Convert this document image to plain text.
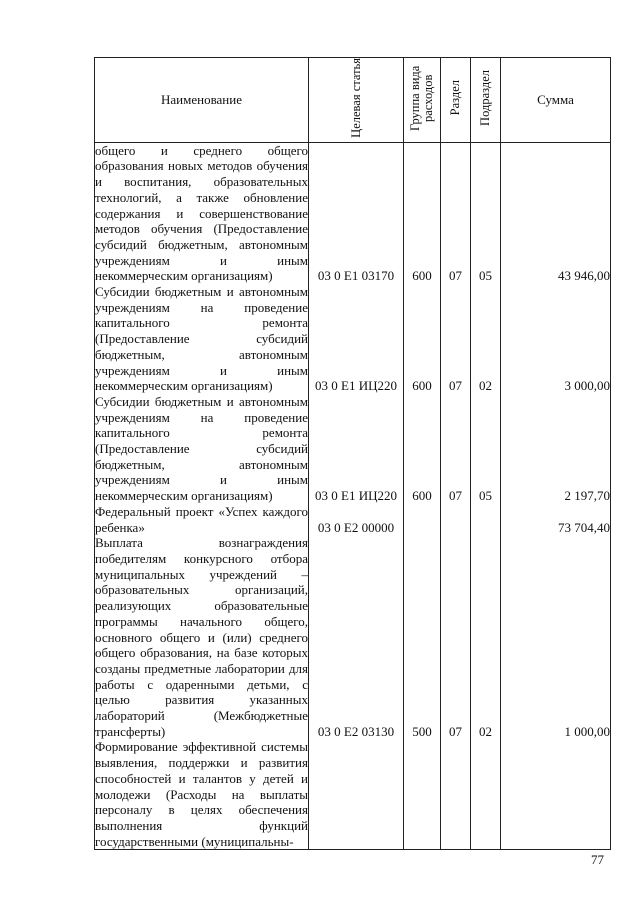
Наименование	Целевая статья	Группа вида расходов	Раздел	Подраздел	Сумма
общего и среднего общего образования новых методов обучения и воспитания, образовательных технологий, а также обновление содержания и совершенствование методов обучения (Предоставление субсидий бюджетным, автономным учреждениям и иным некоммерческим организациям)	03 0 E1 03170	600	07	05	43 946,00
Субсидии бюджетным и автономным учреждениям на проведение капитального ремонта (Предоставление субсидий бюджетным, автономным учреждениям и иным некоммерческим организациям)	03 0 E1 ИЦ220	600	07	02	3 000,00
Субсидии бюджетным и автономным учреждениям на проведение капитального ремонта (Предоставление субсидий бюджетным, автономным учреждениям и иным некоммерческим организациям)	03 0 E1 ИЦ220	600	07	05	2 197,70
Федеральный проект «Успех каждого ребенка»	03 0 E2 00000				73 704,40
Выплата вознаграждения победителям конкурсного отбора муниципальных учреждений – образовательных организаций, реализующих образовательные программы начального общего, основного общего и (или) среднего общего образования, на базе которых созданы предметные лаборатории для работы с одаренными детьми, с целью развития указанных лабораторий (Межбюджетные трансферты)	03 0 E2 03130	500	07	02	1 000,00
Формирование эффективной системы выявления, поддержки и развития способностей и талантов у детей и молодежи (Расходы на выплаты персоналу в целях обеспечения выполнения функций государственными (муниципальны-					
77
